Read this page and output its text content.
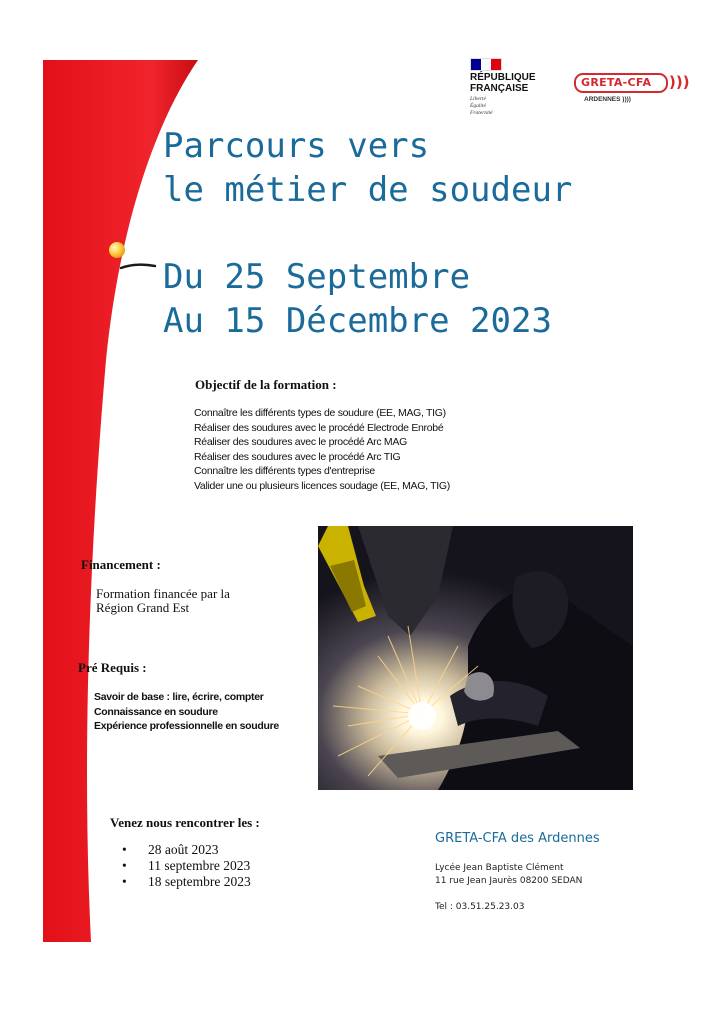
RÉPUBLIQUE
FRANÇAISE
Liberté
Égalité
Fraternité
GRETA-CFA )))
ARDENNES ))))
Parcours vers
le métier de soudeur
Du 25 Septembre
Au 15 Décembre 2023
Objectif de la formation :
Connaître les différents types de soudure (EE, MAG, TIG)
Réaliser des soudures avec le procédé Electrode Enrobé
Réaliser des soudures avec le procédé Arc MAG
Réaliser des soudures avec le procédé Arc TIG
Connaître les différents types d'entreprise
Valider une ou plusieurs licences soudage (EE, MAG, TIG)
Financement :
Formation financée par la
Région Grand Est
Pré Requis :
Savoir de base : lire, écrire, compter
Connaissance en soudure
Expérience professionnelle en soudure
Venez nous rencontrer les :
• 28 août 2023
• 11 septembre 2023
• 18 septembre 2023
GRETA-CFA des Ardennes
Lycée Jean Baptiste Clément
11 rue Jean Jaurès 08200 SEDAN
Tel : 03.51.25.23.03
